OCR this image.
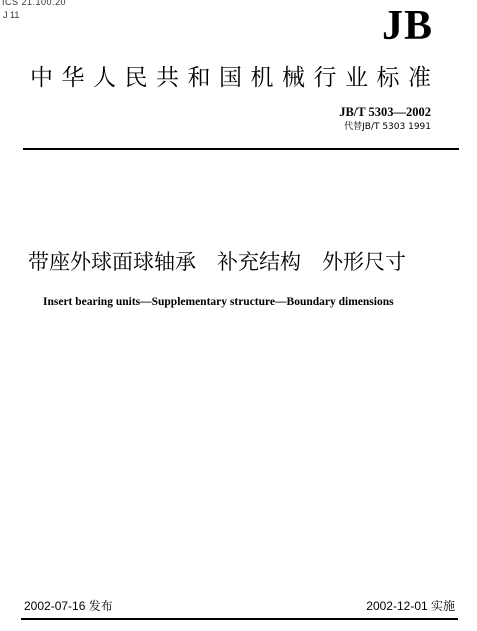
ICS 21.100.20
J 11	JB
中华人民共和国机械行业标准
JB/T 5303—2002
代替JB/T 5303 1991
带座外球面球轴承　补充结构　外形尺寸
Insert bearing units—Supplementary structure—Boundary dimensions
2002-07-16 发布	2002-12-01 实施
